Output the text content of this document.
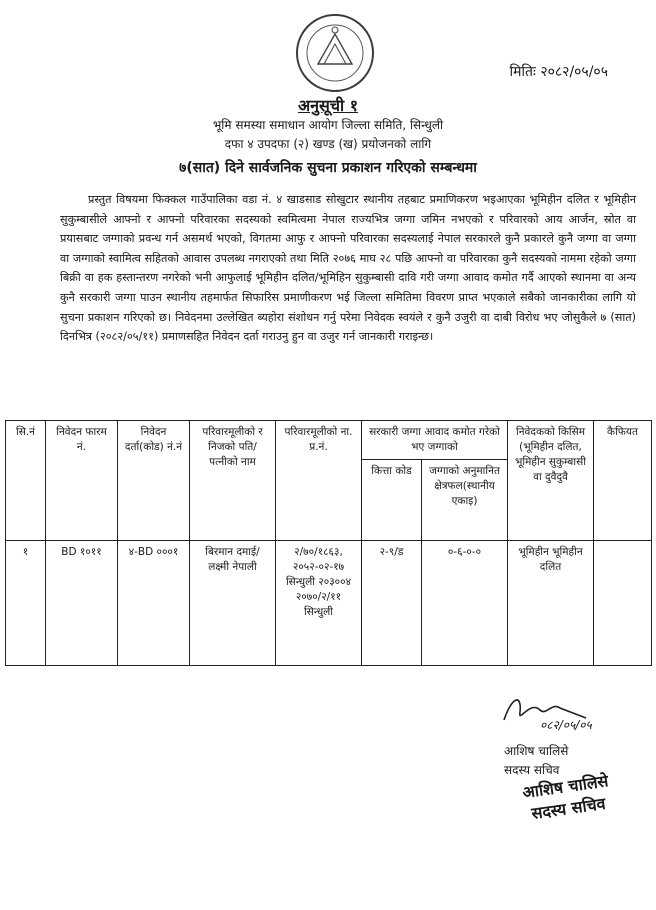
मितिः २०८२/०५/०५
अनुसूची १
भूमि समस्या समाधान आयोग जिल्ला समिति, सिन्धुली
दफा ४ उपदफा (२) खण्ड (ख) प्रयोजनको लागि
७(सात) दिने सार्वजनिक सुचना प्रकाशन गरिएको सम्बन्धमा

प्रस्तुत विषयमा फिक्कल गाउँपालिका वडा नं. ४ खाडसाड सोखुटार स्थानीय तहबाट प्रमाणिकरण भइआएका भूमिहीन दलित र भूमिहीन सुकुम्बासीले आफ्नो र आफ्नो परिवारका सदस्यको स्वमित्वमा नेपाल राज्यभित्र जग्गा जमिन नभएको र परिवारको आय आर्जन, स्रोत वा प्रयासबाट जग्गाको प्रवन्ध गर्न असमर्थ भएको, विगतमा आफु र आफ्नो परिवारका सदस्यलाई नेपाल सरकारले कुनै प्रकारले कुनै जग्गा वा जग्गा वा जग्गाको स्वामित्व सहितको आवास उपलब्ध नगराएको तथा मिति २०७६ माघ २८ पछि आफ्नो वा परिवारका कुनै सदस्यको नाममा रहेको जग्गा बिक्री वा हक हस्तान्तरण नगरेको भनी आफुलाई भूमिहीन दलित/भूमिहिन सुकुम्बासी दावि गरी जग्गा आवाद कमोत गर्दै आएको स्थानमा वा अन्य कुनै सरकारी जग्गा पाउन स्थानीय तहमार्फत सिफारिस प्रमाणीकरण भई जिल्ला समितिमा विवरण प्राप्त भएकाले सबैको जानकारीका लागि यो सुचना प्रकाशन गरिएको छ। निवेदनमा उल्लेखित ब्यहोरा संशोधन गर्नु परेमा निवेदक स्वयंले र कुनै उजुरी वा दाबी विरोध भए जोसुकैले ७ (सात) दिनभित्र (२०८२/०५/११) प्रमाणसहित निवेदन दर्ता गराउनु हुन वा उजुर गर्न जानकारी गराइन्छ।

सि.नं	निवेदन फारम नं.	निवेदन दर्ता(कोड) नं.नं	परिवारमूलीको र निजको पति/पत्नीको नाम	परिवारमूलीको ना. प्र.नं.	सरकारी जग्गा आवाद कमोत गरेको भए जग्गाको		निवेदकको किसिम (भूमिहीन दलित, भूमिहीन सुकुम्बासी वा दुवैदुवै	कैफियत
					कित्ता कोड	जग्गाको अनुमानित क्षेत्रफल(स्थानीय एकाइ)		
१	BD १०११	४-BD ०००१	बिरमान दमाई/ लक्ष्मी नेपाली	२/७०/१८६३, २०५२-०२-१७ सिन्धुली २०३००४ २०७०/२/११ सिन्धुली	२-९/ड	०-६-०-०	भूमिहीन भूमिहीन दलित	
०८२/०५/०५
आशिष चालिसे
सदस्य सचिव
आशिष चालिसे
सदस्य सचिव
